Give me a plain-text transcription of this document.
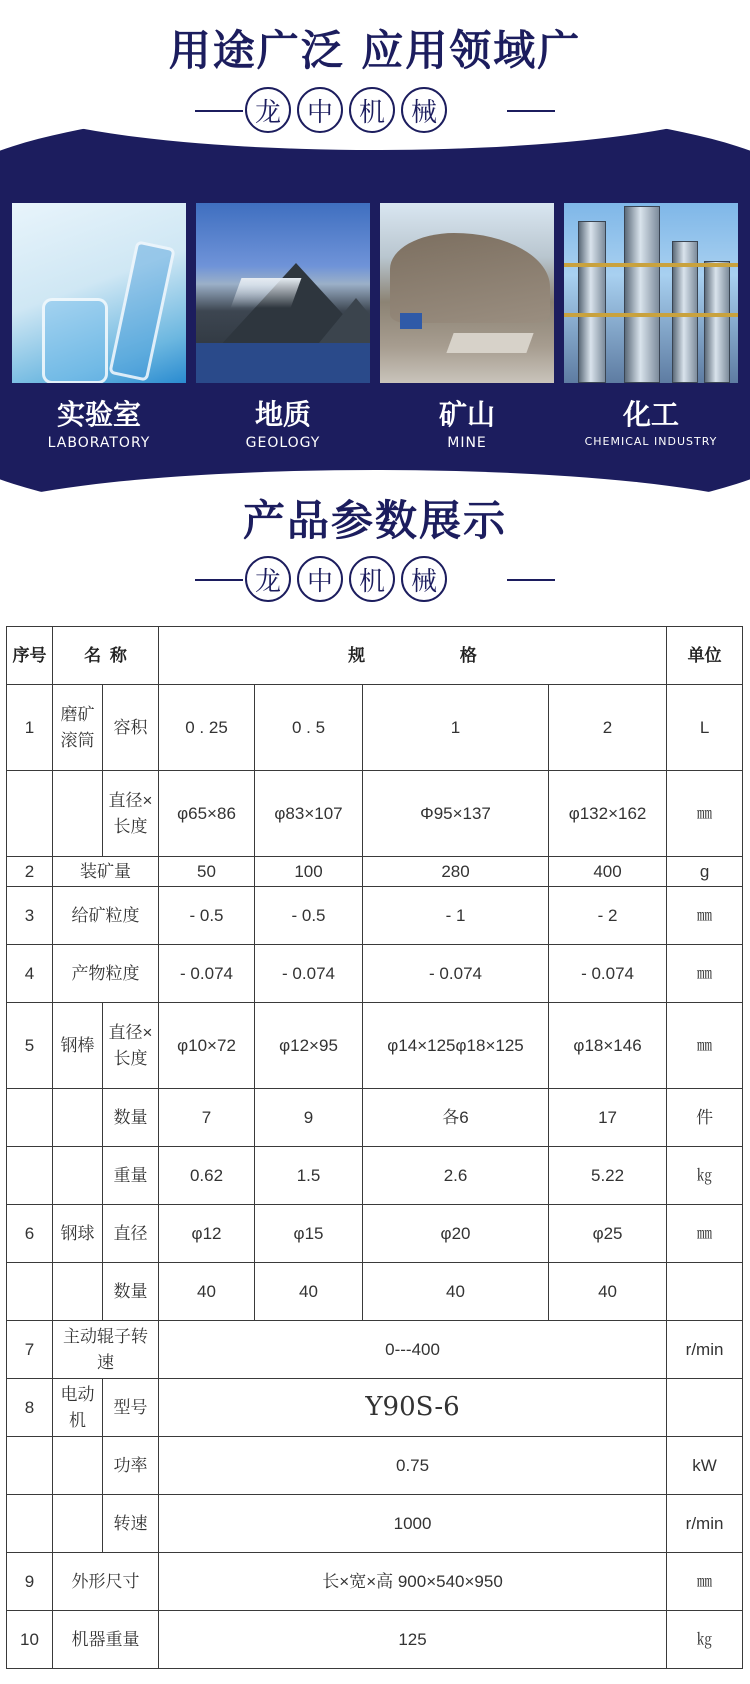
用途广泛 应用领域广
龙 中 机 械
实验室
LABORATORY
地质
GEOLOGY
矿山
MINE
化工
CHEMICAL INDUSTRY
产品参数展示
龙 中 机 械
序号	名 称		规 格				单位
1	磨矿滚筒	容积	0 . 25	0 . 5	1	2	L
		直径×长度	φ65×86	φ83×107	Φ95×137	φ132×162	㎜
2	装矿量		50	100	280	400	g
3	给矿粒度		- 0.5	- 0.5	- 1	- 2	㎜
4	产物粒度		- 0.074	- 0.074	- 0.074	- 0.074	㎜
5	钢棒	直径×长度	φ10×72	φ12×95	φ14×125φ18×125	φ18×146	㎜
		数量	7	9	各6	17	件
		重量	0.62	1.5	2.6	5.22	㎏
6	钢球	直径	φ12	φ15	φ20	φ25	㎜
		数量	40	40	40	40	
7	主动辊子转速		0---400				r/min
8	电动机	型号	Y90S-6				
		功率	0.75				kW
		转速	1000				r/min
9	外形尺寸		长×宽×高 900×540×950				㎜
10	机器重量		125				㎏
